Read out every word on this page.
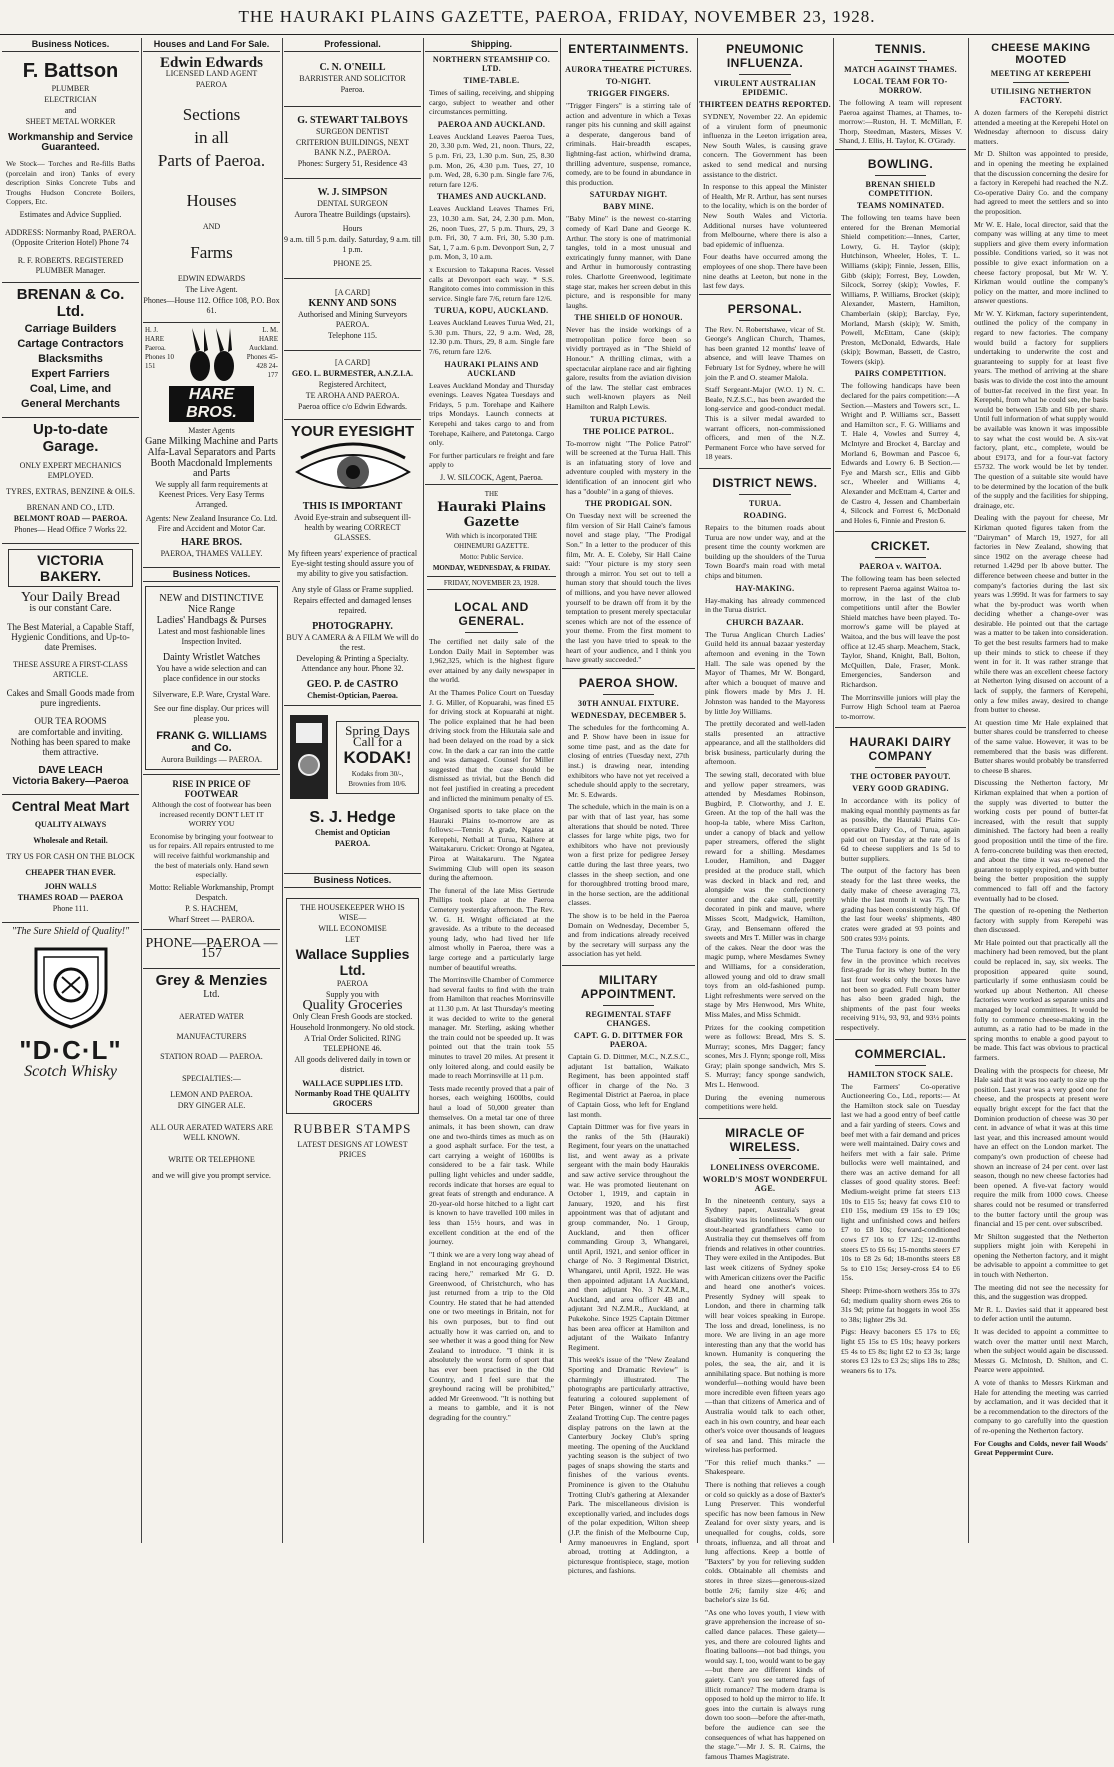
THE HAURAKI PLAINS GAZETTE, PAEROA, FRIDAY, NOVEMBER 23, 1928.
Business Notices.
F. Battson
PLUMBER
ELECTRICIAN
and
SHEET METAL WORKER
Workmanship and Service Guaranteed.

We Stock— Torches and Re-fills Baths (porcelain and iron) Tanks of every description Sinks Concrete Tubs and Troughs Hudson Concrete Boilers, Coppers, Etc.

Estimates and Advice Supplied.
ADDRESS: Normanby Road, PAEROA. (Opposite Criterion Hotel) Phone 74
R. F. ROBERTS. REGISTERED PLUMBER Manager.
BRENAN & Co. Ltd.
Carriage Builders
Cartage Contractors
Blacksmiths
Expert Farriers
Coal, Lime, and
General Merchants
Up-to-date Garage.
ONLY EXPERT MECHANICS EMPLOYED.
TYRES, EXTRAS, BENZINE & OILS.
BRENAN AND CO., LTD.
BELMONT ROAD — PAEROA.
Phones— Head Office 7 Works 22.
VICTORIA BAKERY.
Your Daily Bread
is our constant Care.
The Best Material, a Capable Staff, Hygienic Conditions, and Up-to-date Premises.
THESE ASSURE A FIRST-CLASS ARTICLE.
Cakes and Small Goods made from pure ingredients.
OUR TEA ROOMS
are comfortable and inviting. Nothing has been spared to make them attractive.
DAVE LEACH
Victoria Bakery—Paeroa
Central Meat Mart
QUALITY ALWAYS
Wholesale and Retail.
TRY US FOR CASH ON THE BLOCK
CHEAPER THAN EVER.
JOHN WALLS
THAMES ROAD — PAEROA
Phone 111.
"The Sure Shield of Quality!"
"D·C·L"
Scotch Whisky
Houses and Land For Sale.
Edwin Edwards
LICENSED LAND AGENT
PAEROA
Sections
in all
Parts of Paeroa.
Houses
AND
Farms
EDWIN EDWARDS
The Live Agent.
Phones—House 112. Office 108, P.O. Box 61.
H. J. HARE Paeroa. Phones 10 151
L. M. HARE Auckland. Phones 45-428 24-177
HARE BROS.
Master Agents
Gane Milking Machine and Parts
Alfa-Laval Separators and Parts
Booth Macdonald Implements and Parts
We supply all farm requirements at Keenest Prices. Very Easy Terms Arranged.
Agents: New Zealand Insurance Co. Ltd. Fire and Accident and Motor Car.
HARE BROS.
PAEROA, THAMES VALLEY.
Business Notices.
NEW and DISTINCTIVE
Nice Range
Ladies' Handbags & Purses
Latest and most fashionable lines Inspection Invited.
Dainty Wristlet Watches
You have a wide selection and can place confidence in our stocks
Silverware, E.P. Ware, Crystal Ware.
See our fine display. Our prices will please you.
FRANK G. WILLIAMS and Co.
Aurora Buildings — PAEROA.
RISE IN PRICE OF FOOTWEAR

Although the cost of footwear has been increased recently DON'T LET IT WORRY YOU

Economise by bringing your footwear to us for repairs. All repairs entrusted to me will receive faithful workmanship and the best of materials only. Hand sewn especially.

Motto: Reliable Workmanship, Prompt Despatch.
P. S. HACHEM,
Wharf Street — PAEROA.
PHONE—PAEROA —157
Grey & Menzies
Ltd.
AERATED WATER
MANUFACTURERS
STATION ROAD — PAEROA.
SPECIALTIES:—
LEMON AND PAEROA.
DRY GINGER ALE.
ALL OUR AERATED WATERS ARE WELL KNOWN.
WRITE OR TELEPHONE
and we will give you prompt service.
Professional.
C. N. O'NEILL
BARRISTER AND SOLICITOR
Paeroa.
G. STEWART TALBOYS
SURGEON DENTIST
CRITERION BUILDINGS, NEXT BANK N.Z., PAEROA.
Phones: Surgery 51, Residence 43
W. J. SIMPSON
DENTAL SURGEON
Aurora Theatre Buildings (upstairs).
Hours
9 a.m. till 5 p.m. daily. Saturday, 9 a.m. till 1 p.m.
PHONE 25.
[A CARD]
KENNY AND SONS
Authorised and Mining Surveyors PAEROA.
Telephone 115.
[A CARD]
GEO. L. BURMESTER, A.N.Z.I.A.
Registered Architect,
TE AROHA AND PAEROA.
Paeroa office c/o Edwin Edwards.
YOUR EYESIGHT
THIS IS IMPORTANT
Avoid Eye-strain and subsequent ill-health by wearing CORRECT GLASSES.
My fifteen years' experience of practical Eye-sight testing should assure you of my ability to give you satisfaction.
Any style of Glass or Frame supplied.
Repairs effected and damaged lenses repaired.
PHOTOGRAPHY.
BUY A CAMERA & A FILM We will do the rest.
Developing & Printing a Specialty. Attendance any hour. Phone 32.
GEO. P. de CASTRO
Chemist-Optician, Paeroa.
Spring Days
Call for a
KODAK!
Kodaks from 30/-, Brownies from 10/6.
S. J. Hedge
Chemist and Optician
PAEROA.
Business Notices.
THE HOUSEKEEPER WHO IS WISE—
WILL ECONOMISE
LET
Wallace Supplies Ltd.
PAEROA
Supply you with
Quality Groceries
Only Clean Fresh Goods are stocked.
Household Ironmongery. No old stock.
A Trial Order Solicited. RING TELEPHONE 46.
All goods delivered daily in town or district.
WALLACE SUPPLIES LTD. Normanby Road THE QUALITY GROCERS
RUBBER STAMPS
LATEST DESIGNS AT LOWEST PRICES
Shipping.
NORTHERN STEAMSHIP CO. LTD.
TIME-TABLE.

Times of sailing, receiving, and shipping cargo, subject to weather and other circumstances permitting.

PAEROA AND AUCKLAND.

Leaves Auckland Leaves Paeroa Tues, 20, 3.30 p.m. Wed, 21, noon. Thurs, 22, 5 p.m. Fri, 23, 1.30 p.m. Sun, 25, 8.30 p.m. Mon, 26, 4.30 p.m. Tues, 27, 10 p.m. Wed, 28, 6.30 p.m. Single fare 7/6, return fare 12/6.

THAMES AND AUCKLAND.

Leaves Auckland Leaves Thames Fri, 23, 10.30 a.m. Sat, 24, 2.30 p.m. Mon, 26, noon Tues, 27, 5 p.m. Thurs, 29, 3 p.m. Fri, 30, 7 a.m. Fri, 30, 5.30 p.m. Sat, 1, 7 a.m. 6 p.m. Devonport Sun, 2, 7 p.m. Mon, 3, 10 a.m.

x Excursion to Takapuna Races. Vessel calls at Devonport each way. * S.S. Rangitoto comes into commission in this service. Single fare 7/6, return fare 12/6.

TURUA, KOPU, AUCKLAND.

Leaves Auckland Leaves Turua Wed, 21, 5.30 p.m. Thurs, 22, 9 a.m. Wed, 28, 12.30 p.m. Thurs, 29, 8 a.m. Single fare 7/6, return fare 12/6.

HAURAKI PLAINS AND AUCKLAND

Leaves Auckland Monday and Thursday evenings. Leaves Ngatea Tuesdays and Fridays, 5 p.m. Torehape and Kaihere trips Mondays. Launch connects at Kerepehi and takes cargo to and from Torehape, Kaihere, and Patetonga. Cargo only.

For further particulars re freight and fare apply to

J. W. SILCOCK, Agent, Paeroa.
THE
Hauraki Plains Gazette
With which is incorporated THE OHINEMURI GAZETTE.
Motto: Public Service.
MONDAY, WEDNESDAY, & FRIDAY.
FRIDAY, NOVEMBER 23, 1928.
LOCAL AND GENERAL.

The certified net daily sale of the London Daily Mail in September was 1,962,325, which is the highest figure ever attained by any daily newspaper in the world.

At the Thames Police Court on Tuesday J. G. Miller, of Kopuarahi, was fined £5 for driving stock at Kopuarahi at night. The police explained that he had been driving stock from the Hikutaia sale and had been delayed on the road by a sick cow. In the dark a car ran into the cattle and was damaged. Counsel for Miller suggested that the case should be dismissed as trivial, but the Bench did not feel justified in creating a precedent and inflicted the minimum penalty of £5.

Organised sports to take place on the Hauraki Plains to-morrow are as follows:—Tennis: A grade, Ngatea at Kerepehi, Netball at Turua, Kaihere at Waitakaruru. Cricket: Orongo at Ngatea, Piroa at Waitakaruru. The Ngatea Swimming Club will open its season during the afternoon.

The funeral of the late Miss Gertrude Phillips took place at the Paeroa Cemetery yesterday afternoon. The Rev. W. G. H. Wright officiated at the graveside. As a tribute to the deceased young lady, who had lived her life almost wholly in Paeroa, there was a large cortege and a particularly large number of beautiful wreaths.

The Morrinsville Chamber of Commerce had several faults to find with the train from Hamilton that reaches Morrinsville at 11.30 p.m. At last Thursday's meeting it was decided to write to the general manager. Mr. Sterling, asking whether the train could not be speeded up. It was pointed out that the train took 55 minutes to travel 20 miles. At present it only loitered along, and could easily be made to reach Morrinsville at 11 p.m.

Tests made recently proved that a pair of horses, each weighing 1600lbs, could haul a load of 50,000 greater than themselves. On a metal tar one of three animals, it has been shown, can draw one and two-thirds times as much as on a good asphalt surface. For the test, a cart carrying a weight of 1600lbs is considered to be a fair task. While pulling light vehicles and under saddle, records indicate that horses are equal to great feats of strength and endurance. A 20-year-old horse hitched to a light cart is known to have travelled 100 miles in less than 15½ hours, and was in excellent condition at the end of the journey.

"I think we are a very long way ahead of England in not encouraging greyhound racing here," remarked Mr G. D. Greenwood, of Christchurch, who has just returned from a trip to the Old Country. He stated that he had attended one or two meetings in Britain, not for his own purposes, but to find out actually how it was carried on, and to see whether it was a good thing for New Zealand to introduce. "I think it is absolutely the worst form of sport that has ever been practised in the Old Country, and I feel sure that the greyhound racing will be prohibited," added Mr Greenwood. "It is nothing but a means to gamble, and it is not degrading for the country."

ENTERTAINMENTS.
AURORA THEATRE PICTURES.
TO-NIGHT.
TRIGGER FINGERS.

"Trigger Fingers" is a stirring tale of action and adventure in which a Texas ranger pits his cunning and skill against a desperate, dangerous band of criminals. Hair-breadth escapes, lightning-fast action, whirlwind drama, thrilling adventure, suspense, romance, comedy, are to be found in abundance in this production.

SATURDAY NIGHT.
BABY MINE.

"Baby Mine" is the newest co-starring comedy of Karl Dane and George K. Arthur. The story is one of matrimonial tangles, told in a most unusual and extricatingly funny manner, with Dane and Arthur in humorously contrasting roles. Charlotte Greenwood, legitimate stage star, makes her screen debut in this picture, and is responsible for many laughs.

THE SHIELD OF HONOUR.

Never has the inside workings of a metropolitan police force been so vividly portrayed as in "The Shield of Honour." A thrilling climax, with a spectacular airplane race and air fighting galore, results from the aviation division of the law. The stellar cast embraces such well-known players as Neil Hamilton and Ralph Lewis.

TURUA PICTURES.
THE POLICE PATROL.

To-morrow night "The Police Patrol" will be screened at the Turua Hall. This is an infatuating story of love and adventure coupled with mystery in the identification of an innocent girl who has a "double" in a gang of thieves.

THE PRODIGAL SON.

On Tuesday next will be screened the film version of Sir Hall Caine's famous novel and stage play, "The Prodigal Son." In a letter to the producer of this film, Mr. A. E. Coleby, Sir Hall Caine said: "Your picture is my story seen through a mirror. You set out to tell a human story that should touch the lives of millions, and you have never allowed yourself to be drawn off from it by the temptation to present merely spectacular scenes which are not of the essence of your theme. From the first moment to the last you have tried to speak to the heart of your audience, and I think you have greatly succeeded."

PAEROA SHOW.
30TH ANNUAL FIXTURE.
WEDNESDAY, DECEMBER 5.

The schedules for the forthcoming A. and P. Show have been in issue for some time past, and as the date for closing of entries (Tuesday next, 27th inst.) is drawing near, intending exhibitors who have not yet received a schedule should apply to the secretary, Mr. S. Edwards.

The schedule, which in the main is on a par with that of last year, has some alterations that should be noted. Three classes for large white pigs, two for exhibitors who have not previously won a first prize for pedigree Jersey cattle during the last three years, two classes in the sheep section, and one for thoroughbred trotting brood mare, in the horse section, are the additional classes.

The show is to be held in the Paeroa Domain on Wednesday, December 5, and from indications already received by the secretary will surpass any the association has yet held.

MILITARY APPOINTMENT.
REGIMENTAL STAFF CHANGES.
CAPT. G. D. DITTMER FOR PAEROA.

Captain G. D. Dittmer, M.C., N.Z.S.C., adjutant 1st battalion, Waikato Regiment, has been appointed staff officer in charge of the No. 3 Regimental District at Paeroa, in place of Captain Goss, who left for England last month.

Captain Dittmer was for five years in the ranks of the 5th (Hauraki) Regiment, four years on the unattached list, and went away as a private sergeant with the main body Haurakis and saw active service throughout the war. He was promoted lieutenant on October 1, 1919, and captain in January, 1920, and his first appointment was that of adjutant and group commander, No. 1 Group, Auckland, and then officer commanding Group 3, Whangarei, until April, 1921, and senior officer in charge of No. 3 Regimental District, Whangarei, until April, 1922. He was then appointed adjutant 1A Auckland, and then adjutant No. 3 N.Z.M.R., Auckland, and area officer 4B and adjutant 3rd N.Z.M.R., Auckland, at Pukekohe. Since 1925 Captain Dittmer has been area officer at Hamilton and adjutant of the Waikato Infantry Regiment.

This week's issue of the "New Zealand Sporting and Dramatic Review" is charmingly illustrated. The photographs are particularly attractive, featuring a coloured supplement of Peter Bingen, winner of the New Zealand Trotting Cup. The centre pages display patrons on the lawn at the Canterbury Jockey Club's spring meeting. The opening of the Auckland yachting season is the subject of two pages of snaps showing the starts and finishes of the various events. Prominence is given to the Otahuhu Trotting Club's gathering at Alexander Park. The miscellaneous division is exceptionally varied, and includes dogs of the polar expedition, Wilton sheep (J.P. the finish of the Melbourne Cup, Army manoeuvres in England, sport abroad, trotting at Addington, a picturesque frontispiece, stage, motion pictures, and fashions.

PNEUMONIC INFLUENZA.
VIRULENT AUSTRALIAN EPIDEMIC.
THIRTEEN DEATHS REPORTED.

SYDNEY, November 22. An epidemic of a virulent form of pneumonic influenza in the Leeton irrigation area, New South Wales, is causing grave concern. The Government has been asked to send medical and nursing assistance to the district.

In response to this appeal the Minister of Health, Mr R. Arthur, has sent nurses to the locality, which is on the border of New South Wales and Victoria. Additional nurses have volunteered from Melbourne, where there is also a bad epidemic of influenza.

Four deaths have occurred among the employees of one shop. There have been nine deaths at Leeton, but none in the last few days.

PERSONAL.

The Rev. N. Robertshawe, vicar of St. George's Anglican Church, Thames, has been granted 12 months' leave of absence, and will leave Thames on February 1st for Sydney, where he will join the P. and O. steamer Malola.

Staff Sergeant-Major (W.O. 1) N. C. Beale, N.Z.S.C., has been awarded the long-service and good-conduct medal. This is a silver medal awarded to warrant officers, non-commissioned officers, and men of the N.Z. Permanent Force who have served for 18 years.

DISTRICT NEWS.
TURUA.
ROADING.

Repairs to the bitumen roads about Turua are now under way, and at the present time the county workmen are building up the shoulders of the Turua Town Board's main road with metal chips and bitumen.

HAY-MAKING.

Hay-making has already commenced in the Turua district.

CHURCH BAZAAR.

The Turua Anglican Church Ladies' Guild held its annual bazaar yesterday afternoon and evening in the Town Hall. The sale was opened by the Mayor of Thames, Mr W. Bongard, after which a bouquet of mauve and pink flowers made by Mrs J. H. Johnston was handed to the Mayoress by little Joy Williams.

The prettily decorated and well-laden stalls presented an attractive appearance, and all the stallholders did brisk business, particularly during the afternoon.

The sewing stall, decorated with blue and yellow paper streamers, was attended by Mesdames Robinson, Bugbird, P. Clotworthy, and J. E. Green. At the top of the hall was the hoop-la table, where Miss Carlton, under a canopy of black and yellow paper streamers, offered the slight reward for a shilling. Mesdames Louder, Hamilton, and Dagger presided at the produce stall, which was decked in black and red, and alongside was the confectionery counter and the cake stall, prettily decorated in pink and mauve, where Misses Scott, Madgwick, Hamilton, Gray, and Bensemann offered the sweets and Mrs T. Miller was in charge of the cakes. Near the door was the magic pump, where Mesdames Swney and Williams, for a consideration, allowed young and old to draw small toys from an old-fashioned pump. Light refreshments were served on the stage by Mrs Henwood, Mrs White, Miss Males, and Miss Schmidt.

Prizes for the cooking competition were as follows: Bread, Mrs S. S. Murray; scones, Mrs Dagger; fancy scones, Mrs J. Flynn; sponge roll, Miss Gray; plain sponge sandwich, Mrs S. S. Murray; fancy sponge sandwich, Mrs L. Henwood.

During the evening numerous competitions were held.

MIRACLE OF WIRELESS.
LONELINESS OVERCOME.
WORLD'S MOST WONDERFUL AGE.

In the nineteenth century, says a Sydney paper, Australia's great disability was its loneliness. When our stout-hearted grandfathers came to Australia they cut themselves off from friends and relatives in other countries. They were exiled in the Antipodes. But last week citizens of Sydney spoke with American citizens over the Pacific and heard one another's voices. Presently Sydney will speak to London, and there in charming talk will hear voices speaking in Europe. The loss and dread, loneliness, is no more. We are living in an age more interesting than any that the world has known. Humanity is conquering the poles, the sea, the air, and it is annihilating space. But nothing is more wonderful—nothing would have been more incredible even fifteen years ago—than that citizens of America and of Australia would talk to each other, each in his own country, and hear each other's voice over thousands of leagues of sea and land. This miracle the wireless has performed.

"For this relief much thanks." —Shakespeare.

There is nothing that relieves a cough or cold so quickly as a dose of Baxter's Lung Preserver. This wonderful specific has now been famous in New Zealand for over sixty years, and is unequalled for coughs, colds, sore throats, influenza, and all throat and lung affections. Keep a bottle of "Baxters" by you for relieving sudden colds. Obtainable all chemists and stores in three sizes—generous-sized bottle 2/6; family size 4/6; and bachelor's size 1s 6d.

"As one who loves youth, I view with grave apprehension the increase of so-called dance palaces. These gaiety—yes, and there are coloured lights and floating balloons—not bad things, you would say. I, too, would want to be gay—but there are different kinds of gaiety. Can't you see tattered fags of illicit romance? The modern drama is opposed to hold up the mirror to life. It goes into the curtain is always rung down too soon—before the after-math, before the audience can see the consequences of what has happened on the stage."—Mr J. S. R. Cairns, the famous Thames Magistrate.

TENNIS.
MATCH AGAINST THAMES.
LOCAL TEAM FOR TO-MORROW.

The following A team will represent Paeroa against Thames, at Thames, to-morrow:—Ruston, H. T. McMillan, F. Thorp, Steedman, Masters, Misses V. Shand, J. Ellis, H. Taylor, K. O'Grady.

BOWLING.
BRENAN SHIELD COMPETITION.
TEAMS NOMINATED.

The following ten teams have been entered for the Brenan Memorial Shield competition:—Innes, Carter, Lowry, G. H. Taylor (skip); Hutchinson, Wheeler, Holes, T. L. Williams (skip); Finnie, Jessen, Ellis, Gibb (skip); Forrest, Bey, Lowden, Silcock, Sorrey (skip); Vowles, F. Williams, P. Williams, Brocket (skip); Alexander, Mastern, Hamilton, Chamberlain (skip); Barclay, Fye, Morland, Marsh (skip); W. Smith, Powell, McEttam, Cane (skip); Preston, McDonald, Edwards, Hale (skip); Bowman, Bassett, de Castro, Towers (skip).

PAIRS COMPETITION.

The following handicaps have been declared for the pairs competition:—A Section.—Masters and Towers scr., L. Wright and P. Williams scr., Bassett and Hamilton scr., F. G. Williams and T. Hale 4, Vowles and Surrey 4, McIntyre and Brocket 4, Barclay and Morland 6, Bowman and Pascoe 6, Edwards and Lowry 6. B Section.—Fye and Marsh scr., Ellis and Gibb scr., Wheeler and Williams 4, Alexander and McEttam 4, Carter and de Castro 4, Jessen and Chamberlain 4, Silcock and Forrest 6, McDonald and Holes 6, Finnie and Preston 6.

CRICKET.
PAEROA v. WAITOA.

The following team has been selected to represent Paeroa against Waitoa to-morrow, in the last of the club competitions until after the Bowler Shield matches have been played. To-morrow's game will be played at Waitoa, and the bus will leave the post office at 12.45 sharp. Meachem, Stack, Taylor, Shand, Knight, Ball, Bolton, McQuillen, Dale, Fraser, Monk. Emergencies, Sanderson and Richardson.

The Morrinsville juniors will play the Furrow High School team at Paeroa to-morrow.

HAURAKI DAIRY COMPANY
THE OCTOBER PAYOUT.
VERY GOOD GRADING.

In accordance with its policy of making equal monthly payments as far as possible, the Hauraki Plains Co-operative Dairy Co., of Turua, again paid out on Tuesday at the rate of 1s 6d to cheese suppliers and 1s 5d to butter suppliers.

The output of the factory has been steady for the last three weeks, the daily make of cheese averaging 73, while the last month it was 75. The grading has been consistently high. Of the last four weeks' shipments, 480 crates were graded at 93 points and 500 crates 93½ points.

The Turua factory is one of the very few in the province which receives first-grade for its whey butter. In the last four weeks only the boxes have not been so graded. Full cream butter has also been graded high, the shipments of the past four weeks receiving 91½, 93, 93, and 93½ points respectively.

COMMERCIAL.
HAMILTON STOCK SALE.

The Farmers' Co-operative Auctioneering Co., Ltd., reports:— At the Hamilton stock sale on Tuesday last we had a good entry of beef cattle and a fair yarding of steers. Cows and beef met with a fair demand and prices were well maintained. Dairy cows and heifers met with a fair sale. Prime bullocks were well maintained, and there was an active demand for all classes of good quality stores. Beef: Medium-weight prime fat steers £13 10s to £15 5s; heavy fat cows £10 to £10 15s, medium £9 15s to £9 10s; light and unfinished cows and heifers £7 to £8 10s; forward-conditioned cows £7 10s to £7 12s; 12-months steers £5 to £6 6s; 15-months steers £7 10s to £8 2s 6d; 18-months steers £8 5s to £10 15s; Jersey-cross £4 to £6 15s.

Sheep: Prime-shorn wethers 35s to 37s 6d; medium quality shorn ewes 26s to 31s 9d; prime fat hoggets in wool 35s to 38s; lighter 29s 3d.

Pigs: Heavy baconers £5 17s to £6; light £5 15s to £5 10s; heavy porkers £5 4s to £5 8s; light £2 to £3 3s; large stores £3 12s to £3 2s; slips 18s to 28s; weaners 6s to 17s.

CHEESE MAKING MOOTED
MEETING AT KEREPEHI
UTILISING NETHERTON FACTORY.

A dozen farmers of the Kerepehi district attended a meeting at the Kerepehi Hotel on Wednesday afternoon to discuss dairy matters.

Mr D. Shilton was appointed to preside, and in opening the meeting he explained that the discussion concerning the desire for a factory in Kerepehi had reached the N.Z. Co-operative Dairy Co. and the company had agreed to meet the settlers and so into the proposition.

Mr W. E. Hale, local director, said that the company was willing at any time to meet suppliers and give them every information possible. Conditions varied, so it was not possible to give exact information on a cheese factory proposal, but Mr W. Y. Kirkman would outline the company's policy on the matter, and more inclined to answer questions.

Mr W. Y. Kirkman, factory superintendent, outlined the policy of the company in regard to new factories. The company would build a factory for suppliers undertaking to underwrite the cost and guaranteeing to supply for at least five years. The method of arriving at the share basis was to divide the cost into the amount of butter-fat received in the first year. In Kerepehi, from what he could see, the basis would be between 15lb and 6lb per share. Until full information of what supply would be available was known it was impossible to say what the cost would be. A six-vat factory, plant, etc., complete, would be about £9173, and for a four-vat factory £5732. The work would be let by tender. The question of a suitable site would have to be determined by the location of the bulk of the supply and the facilities for shipping, drainage, etc.

Dealing with the payout for cheese, Mr Kirkman quoted figures taken from the "Dairyman" of March 19, 1927, for all factories in New Zealand, showing that since 1902 on the average cheese had returned 1.429d per lb above butter. The difference between cheese and butter in the company's factories during the last six years was 1.999d. It was for farmers to say what the by-product was worth when deciding whether a change-over was desirable. He pointed out that the cartage was a matter to be taken into consideration. To get the best results farmers had to make up their minds to stick to cheese if they went in for it. It was rather strange that while there was an excellent cheese factory at Netherton lying disused on account of a lack of supply, the farmers of Kerepehi, only a few miles away, desired to change from butter to cheese.

At question time Mr Hale explained that butter shares could be transferred to cheese of the same value. However, it was to be remembered that the basis was different. Butter shares would probably be transferred to cheese B shares.

Discussing the Netherton factory, Mr Kirkman explained that when a portion of the supply was diverted to butter the working costs per pound of butter-fat increased, with the result that supply diminished. The factory had been a really good proposition until the time of the fire. A ferro-concrete building was then erected, and about the time it was re-opened the guarantee to supply expired, and with butter being the better proposition the supply commenced to fall off and the factory eventually had to be closed.

The question of re-opening the Netherton factory with supply from Kerepehi was then discussed.

Mr Hale pointed out that practically all the machinery had been removed, but the plant could be replaced in, say, six weeks. The proposition appeared quite sound, particularly if some enthusiasm could be worked up about Netherton. All cheese factories were worked as separate units and managed by local committees. It would be folly to commence cheese-making in the autumn, as a ratio had to be made in the spring months to enable a good payout to be made. This fact was obvious to practical farmers.

Dealing with the prospects for cheese, Mr Hale said that it was too early to size up the position. Last year was a very good one for cheese, and the prospects at present were equally bright except for the fact that the Dominion production of cheese was 30 per cent. in advance of what it was at this time last year, and this increased amount would have an effect on the London market. The company's own production of cheese had shown an increase of 24 per cent. over last season, though no new cheese factories had been opened. A five-vat factory would require the milk from 1000 cows. Cheese shares could not be resumed or transferred to the butter factory until the group was financial and 15 per cent. over subscribed.

Mr Shilton suggested that the Netherton suppliers might join with Kerepehi in opening the Netherton factory, and it might be advisable to appoint a committee to get in touch with Netherton.

The meeting did not see the necessity for this, and the suggestion was dropped.

Mr R. L. Davies said that it appeared best to defer action until the autumn.

It was decided to appoint a committee to watch over the matter until next March, when the subject would again be discussed. Messrs G. McIntosh, D. Shilton, and C. Pearce were appointed.

A vote of thanks to Messrs Kirkman and Hale for attending the meeting was carried by acclamation, and it was decided that it be a recommendation to the directors of the company to go carefully into the question of re-opening the Netherton factory.

For Coughs and Colds, never fail Woods' Great Peppermint Cure.
